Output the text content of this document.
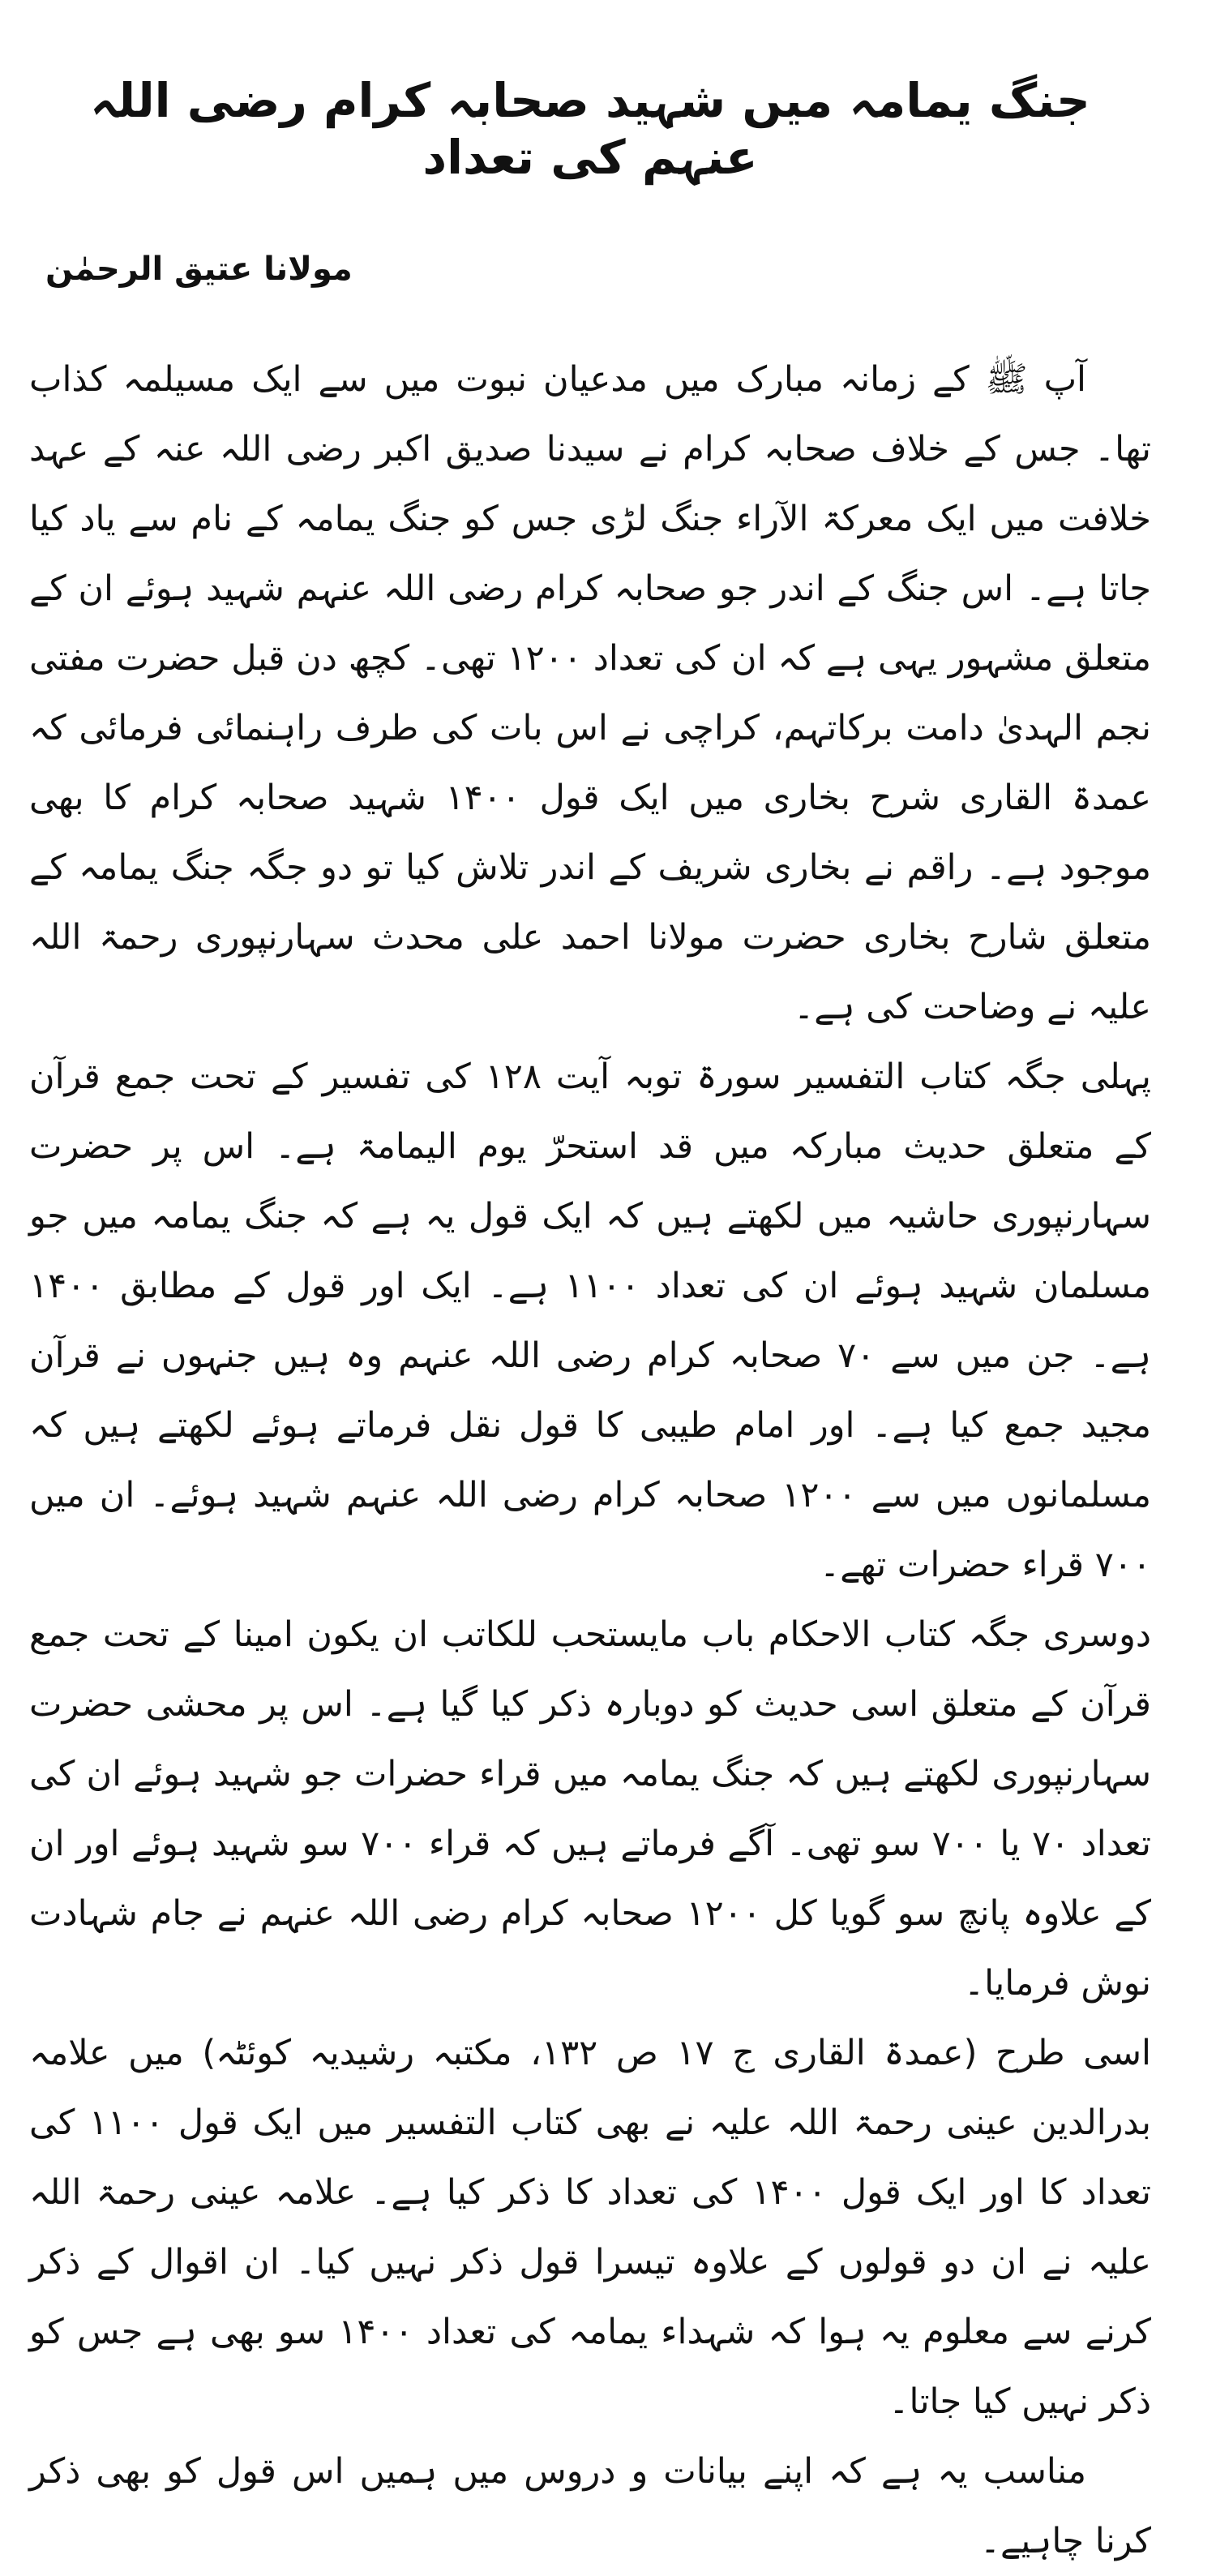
جنگ یمامہ میں شہید صحابہ کرام رضی اللہ عنہم کی تعداد
مولانا عتیق الرحمٰن

آپ ﷺ کے زمانہ مبارک میں مدعیان نبوت میں سے ایک مسیلمہ کذاب تھا۔ جس کے خلاف صحابہ کرام نے سیدنا صدیق اکبر رضی اللہ عنہ کے عہد خلافت میں ایک معرکۃ الآراء جنگ لڑی جس کو جنگ یمامہ کے نام سے یاد کیا جاتا ہے۔ اس جنگ کے اندر جو صحابہ کرام رضی اللہ عنہم شہید ہوئے ان کے متعلق مشہور یہی ہے کہ ان کی تعداد ۱۲۰۰ تھی۔ کچھ دن قبل حضرت مفتی نجم الہدیٰ دامت برکاتہم، کراچی نے اس بات کی طرف راہنمائی فرمائی کہ عمدۃ القاری شرح بخاری میں ایک قول ۱۴۰۰ شہید صحابہ کرام کا بھی موجود ہے۔ راقم نے بخاری شریف کے اندر تلاش کیا تو دو جگہ جنگ یمامہ کے متعلق شارح بخاری حضرت مولانا احمد علی محدث سہارنپوری رحمۃ اللہ علیہ نے وضاحت کی ہے۔

پہلی جگہ کتاب التفسیر سورۃ توبہ آیت ۱۲۸ کی تفسیر کے تحت جمع قرآن کے متعلق حدیث مبارکہ میں قد استحرّ یوم الیمامۃ ہے۔ اس پر حضرت سہارنپوری حاشیہ میں لکھتے ہیں کہ ایک قول یہ ہے کہ جنگ یمامہ میں جو مسلمان شہید ہوئے ان کی تعداد ۱۱۰۰ ہے۔ ایک اور قول کے مطابق ۱۴۰۰ ہے۔ جن میں سے ۷۰ صحابہ کرام رضی اللہ عنہم وہ ہیں جنہوں نے قرآن مجید جمع کیا ہے۔ اور امام طیبی کا قول نقل فرماتے ہوئے لکھتے ہیں کہ مسلمانوں میں سے ۱۲۰۰ صحابہ کرام رضی اللہ عنہم شہید ہوئے۔ ان میں ۷۰۰ قراء حضرات تھے۔

دوسری جگہ کتاب الاحکام باب مایستحب للکاتب ان یکون امینا کے تحت جمع قرآن کے متعلق اسی حدیث کو دوبارہ ذکر کیا گیا ہے۔ اس پر محشی حضرت سہارنپوری لکھتے ہیں کہ جنگ یمامہ میں قراء حضرات جو شہید ہوئے ان کی تعداد ۷۰ یا ۷۰۰ سو تھی۔ آگے فرماتے ہیں کہ قراء ۷۰۰ سو شہید ہوئے اور ان کے علاوہ پانچ سو گویا کل ۱۲۰۰ صحابہ کرام رضی اللہ عنہم نے جام شہادت نوش فرمایا۔

اسی طرح (عمدۃ القاری ج ۱۷ ص ۱۳۲، مکتبہ رشیدیہ کوئٹہ) میں علامہ بدرالدین عینی رحمۃ اللہ علیہ نے بھی کتاب التفسیر میں ایک قول ۱۱۰۰ کی تعداد کا اور ایک قول ۱۴۰۰ کی تعداد کا ذکر کیا ہے۔ علامہ عینی رحمۃ اللہ علیہ نے ان دو قولوں کے علاوہ تیسرا قول ذکر نہیں کیا۔ ان اقوال کے ذکر کرنے سے معلوم یہ ہوا کہ شہداء یمامہ کی تعداد ۱۴۰۰ سو بھی ہے جس کو ذکر نہیں کیا جاتا۔

مناسب یہ ہے کہ اپنے بیانات و دروس میں ہمیں اس قول کو بھی ذکر کرنا چاہیے۔
